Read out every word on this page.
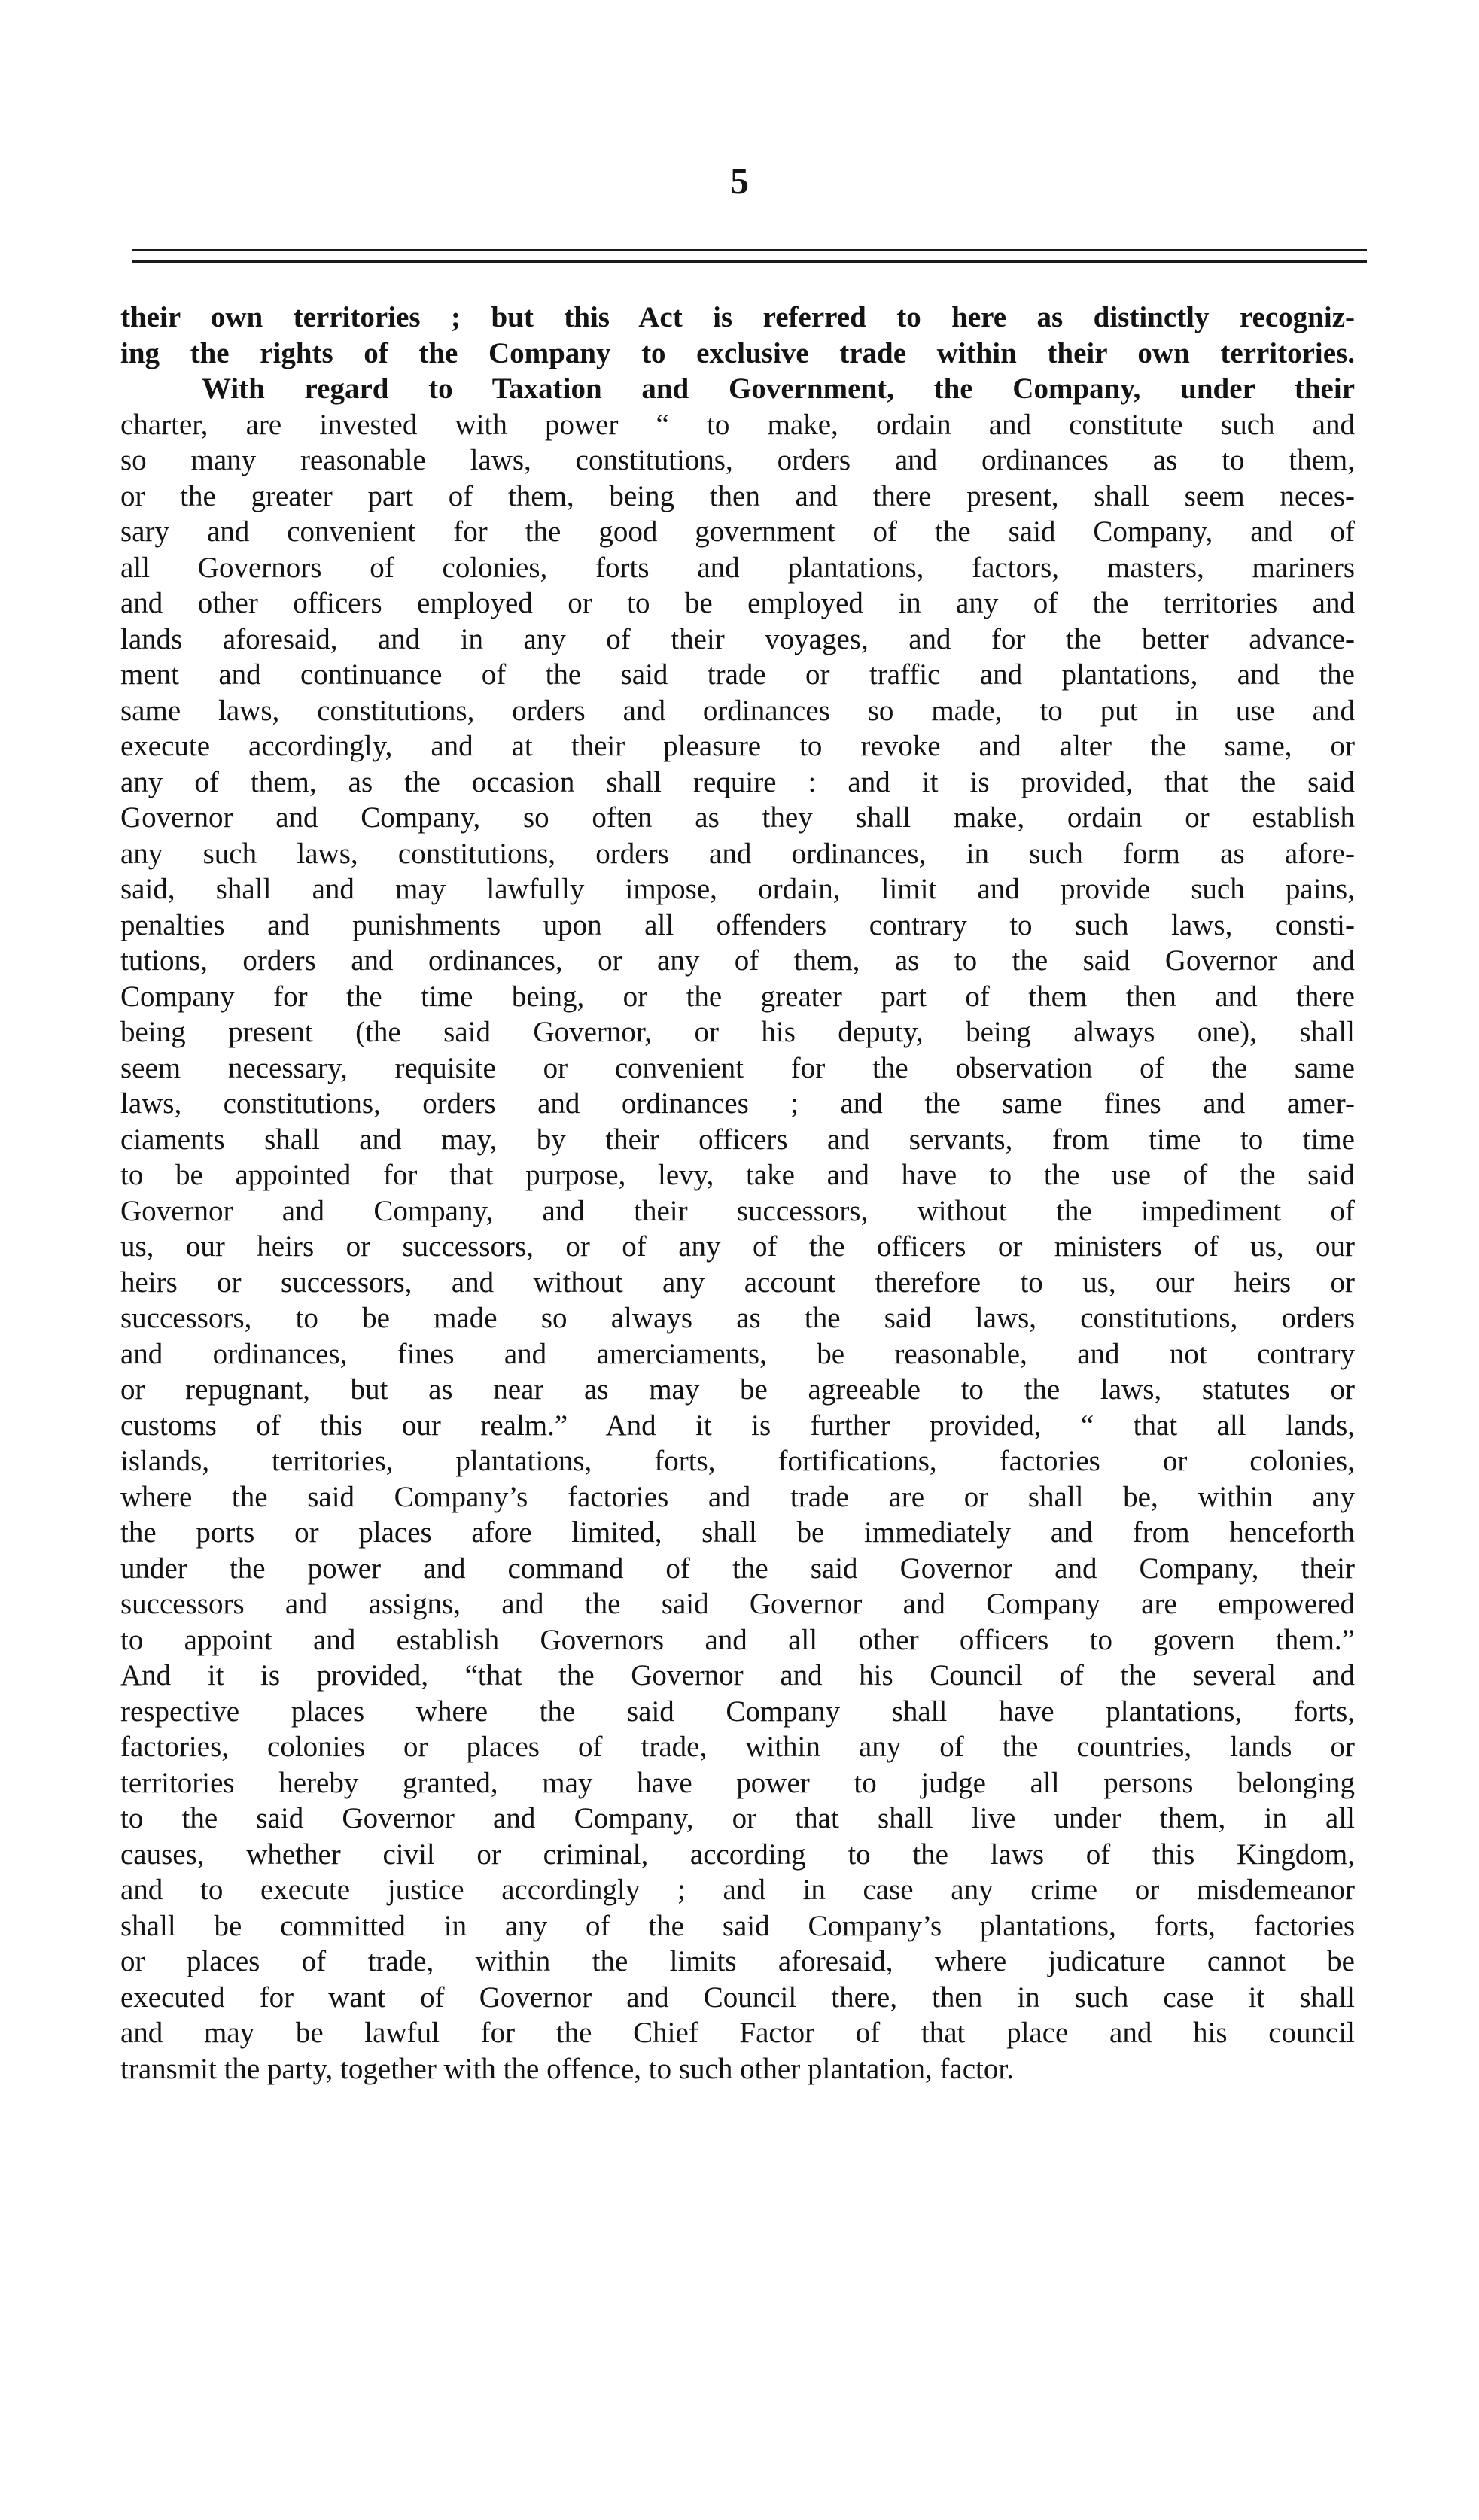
5
their own territories ; but this Act is referred to here as distinctly recogniz-
ing the rights of the Company to exclusive trade within their own territories.
With regard to Taxation and Government, the Company, under their
charter, are invested with power “ to make, ordain and constitute such and
so many reasonable laws, constitutions, orders and ordinances as to them,
or the greater part of them, being then and there present, shall seem neces-
sary and convenient for the good government of the said Company, and of
all Governors of colonies, forts and plantations, factors, masters, mariners
and other officers employed or to be employed in any of the territories and
lands aforesaid, and in any of their voyages, and for the better advance-
ment and continuance of the said trade or traffic and plantations, and the
same laws, constitutions, orders and ordinances so made, to put in use and
execute accordingly, and at their pleasure to revoke and alter the same, or
any of them, as the occasion shall require : and it is provided, that the said
Governor and Company, so often as they shall make, ordain or establish
any such laws, constitutions, orders and ordinances, in such form as afore-
said, shall and may lawfully impose, ordain, limit and provide such pains,
penalties and punishments upon all offenders contrary to such laws, consti-
tutions, orders and ordinances, or any of them, as to the said Governor and
Company for the time being, or the greater part of them then and there
being present (the said Governor, or his deputy, being always one), shall
seem necessary, requisite or convenient for the observation of the same
laws, constitutions, orders and ordinances ; and the same fines and amer-
ciaments shall and may, by their officers and servants, from time to time
to be appointed for that purpose, levy, take and have to the use of the said
Governor and Company, and their successors, without the impediment of
us, our heirs or successors, or of any of the officers or ministers of us, our
heirs or successors, and without any account therefore to us, our heirs or
successors, to be made so always as the said laws, constitutions, orders
and ordinances, fines and amerciaments, be reasonable, and not contrary
or repugnant, but as near as may be agreeable to the laws, statutes or
customs of this our realm.” And it is further provided, “ that all lands,
islands, territories, plantations, forts, fortifications, factories or colonies,
where the said Company’s factories and trade are or shall be, within any
the ports or places afore limited, shall be immediately and from henceforth
under the power and command of the said Governor and Company, their
successors and assigns, and the said Governor and Company are empowered
to appoint and establish Governors and all other officers to govern them.”
And it is provided, “that the Governor and his Council of the several and
respective places where the said Company shall have plantations, forts,
factories, colonies or places of trade, within any of the countries, lands or
territories hereby granted, may have power to judge all persons belonging
to the said Governor and Company, or that shall live under them, in all
causes, whether civil or criminal, according to the laws of this Kingdom,
and to execute justice accordingly ; and in case any crime or misdemeanor
shall be committed in any of the said Company’s plantations, forts, factories
or places of trade, within the limits aforesaid, where judicature cannot be
executed for want of Governor and Council there, then in such case it shall
and may be lawful for the Chief Factor of that place and his council
transmit the party, together with the offence, to such other plantation, factor.
